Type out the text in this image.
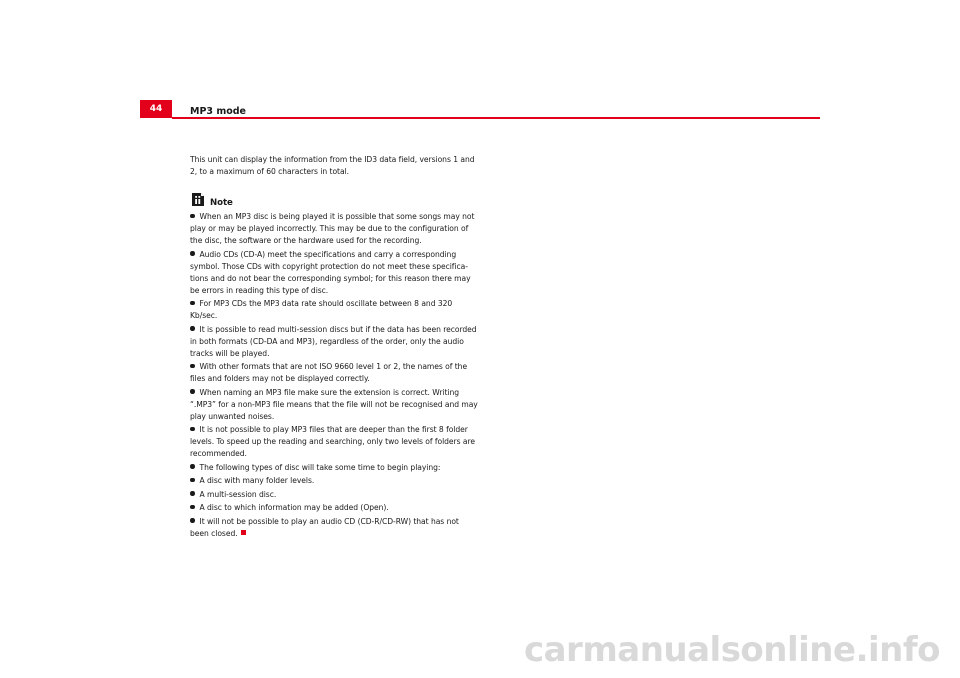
44	MP3 mode

This unit can display the information from the ID3 data field, versions 1 and 2, to a maximum of 60 characters in total.

Note
When an MP3 disc is being played it is possible that some songs may not play or may be played incorrectly. This may be due to the configuration of the disc, the software or the hardware used for the recording.
Audio CDs (CD-A) meet the specifications and carry a corresponding symbol. Those CDs with copyright protection do not meet these specifica-tions and do not bear the corresponding symbol; for this reason there may be errors in reading this type of disc.
For MP3 CDs the MP3 data rate should oscillate between 8 and 320 Kb/sec.
It is possible to read multi-session discs but if the data has been recorded in both formats (CD-DA and MP3), regardless of the order, only the audio tracks will be played.
With other formats that are not ISO 9660 level 1 or 2, the names of the files and folders may not be displayed correctly.
When naming an MP3 file make sure the extension is correct. Writing “.MP3” for a non-MP3 file means that the file will not be recognised and may play unwanted noises.
It is not possible to play MP3 files that are deeper than the first 8 folder levels. To speed up the reading and searching, only two levels of folders are recommended.
The following types of disc will take some time to begin playing:
A disc with many folder levels.
A multi-session disc.
A disc to which information may be added (Open).
It will not be possible to play an audio CD (CD-R/CD-RW) that has not been closed.
carmanualsonline.info
